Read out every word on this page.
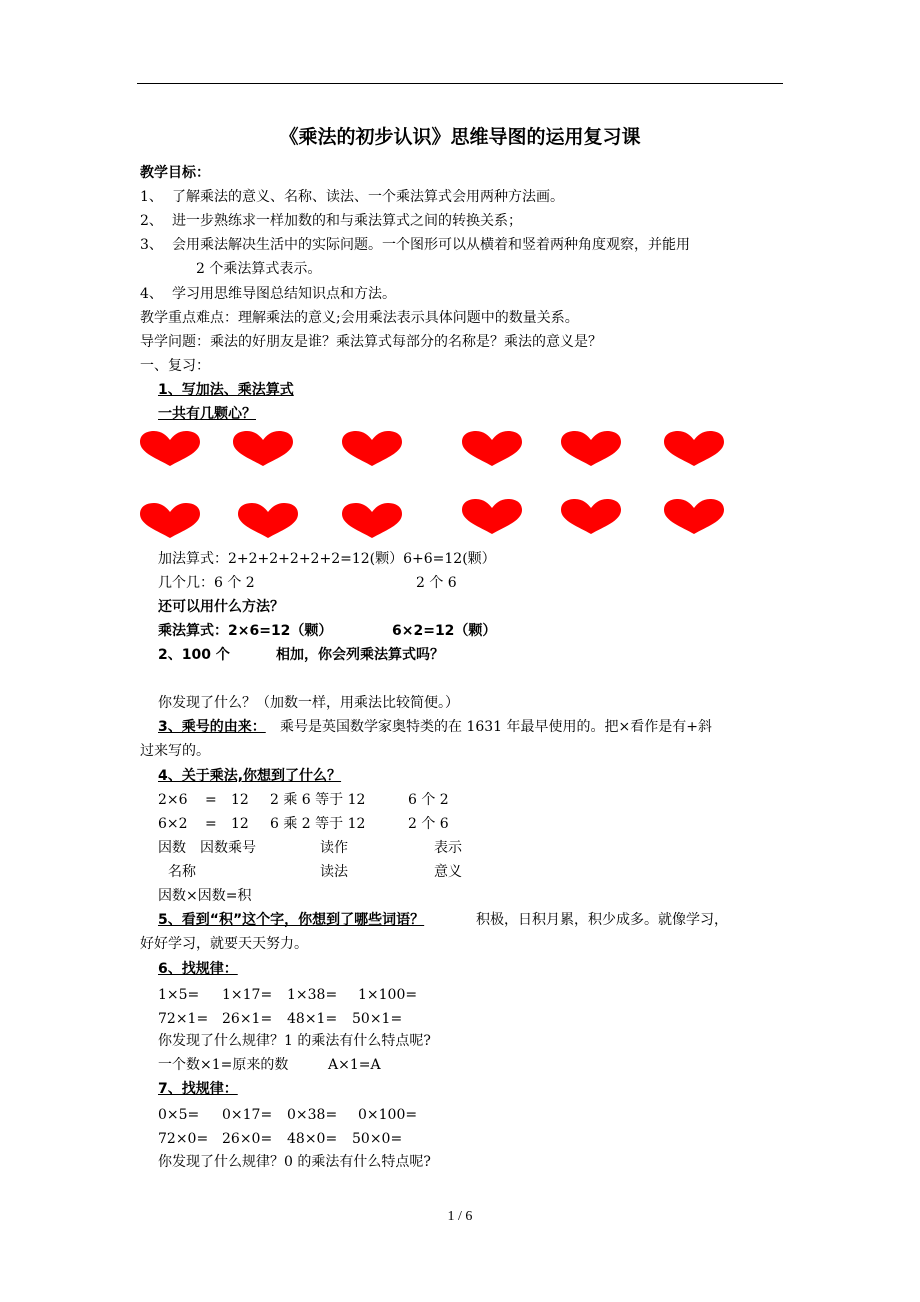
《乘法的初步认识》思维导图的运用复习课
教学目标：
1、 了解乘法的意义、名称、读法、一个乘法算式会用两种方法画。
2、 进一步熟练求一样加数的和与乘法算式之间的转换关系；
3、 会用乘法解决生活中的实际问题。一个图形可以从横着和竖着两种角度观察，并能用
2 个乘法算式表示。
4、 学习用思维导图总结知识点和方法。
教学重点难点：理解乘法的意义;会用乘法表示具体问题中的数量关系。
导学问题：乘法的好朋友是谁？乘法算式每部分的名称是？乘法的意义是？
一、复习：
1、写加法、乘法算式
一共有几颗心？
加法算式：2+2+2+2+2+2=12(颗）6+6=12(颗）
几个几：6 个 2	2 个 6
还可以用什么方法？
乘法算式：2×6=12（颗）	6×2=12（颗）
2、100 个	相加，你会列乘法算式吗？
你发现了什么？（加数一样，用乘法比较简便。）
3、乘号的由来： 乘号是英国数学家奥特类的在 1631 年最早使用的。把×看作是有+斜
过来写的。
4、关于乘法,你想到了什么？
2×6 = 12 2 乘 6 等于 12	6 个 2
6×2 = 12 6 乘 2 等于 12	2 个 6
因数 因数乘号	读作	表示
名称	读法	意义
因数×因数=积
5、看到“积”这个字，你想到了哪些词语？	积极，日积月累，积少成多。就像学习，
好好学习，就要天天努力。
6、找规律：
1×5= 1×17= 1×38= 1×100=
72×1= 26×1= 48×1= 50×1=
你发现了什么规律？1 的乘法有什么特点呢?
一个数×1=原来的数	A×1=A
7、找规律：
0×5= 0×17= 0×38= 0×100=
72×0= 26×0= 48×0= 50×0=
你发现了什么规律？0 的乘法有什么特点呢?
1 / 6
